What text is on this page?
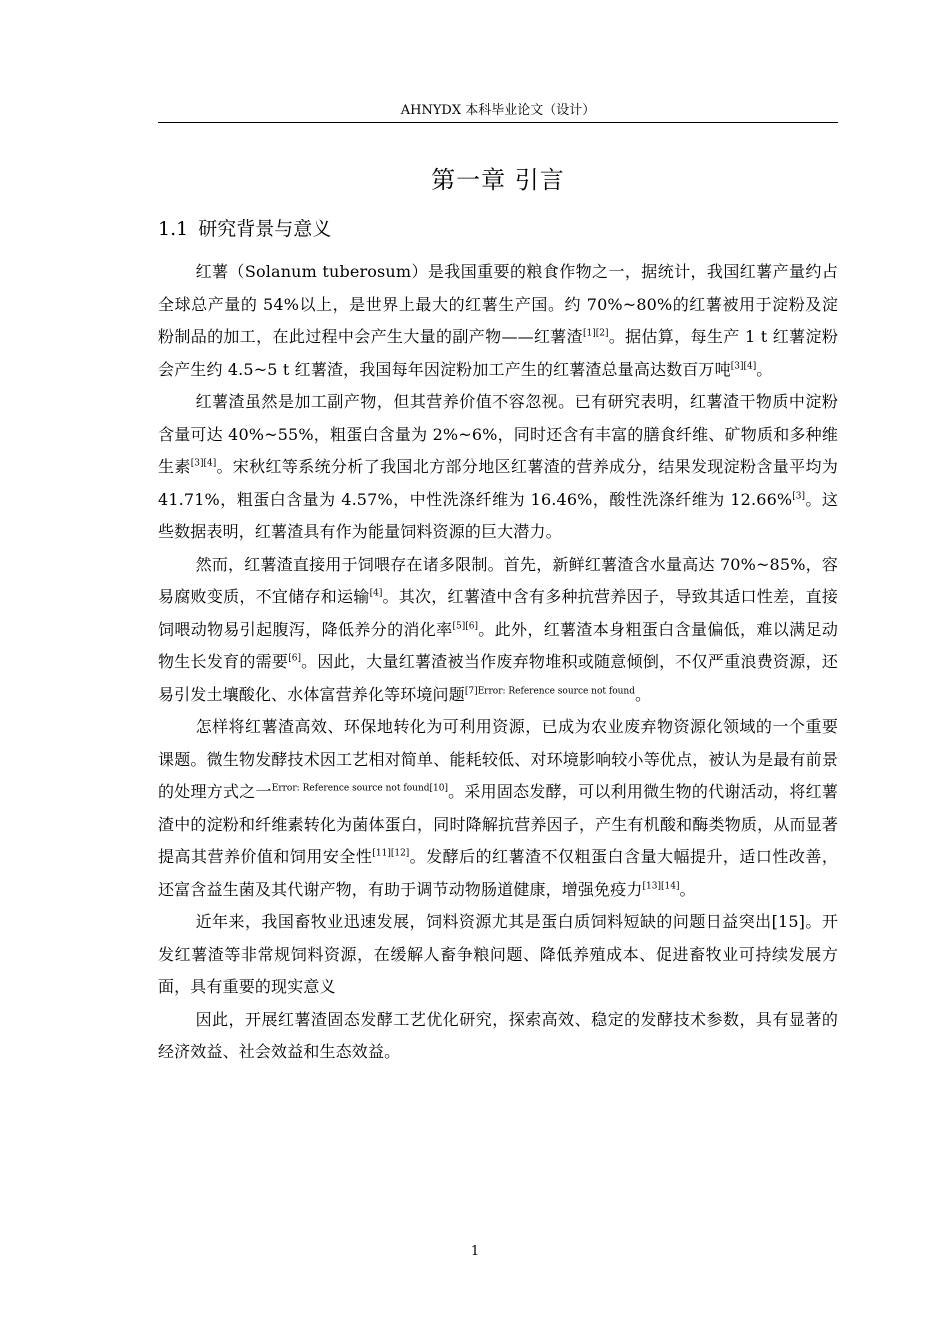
AHNYDX 本科毕业论文（设计）
第一章 引言
1.1 研究背景与意义

红薯（Solanum tuberosum）是我国重要的粮食作物之一，据统计，我国红薯产量约占全球总产量的 54%以上，是世界上最大的红薯生产国。约 70%~80%的红薯被用于淀粉及淀粉制品的加工，在此过程中会产生大量的副产物——红薯渣[1][2]。据估算，每生产 1 t 红薯淀粉会产生约 4.5~5 t 红薯渣，我国每年因淀粉加工产生的红薯渣总量高达数百万吨[3][4]。

红薯渣虽然是加工副产物，但其营养价值不容忽视。已有研究表明，红薯渣干物质中淀粉含量可达 40%~55%，粗蛋白含量为 2%~6%，同时还含有丰富的膳食纤维、矿物质和多种维生素[3][4]。宋秋红等系统分析了我国北方部分地区红薯渣的营养成分，结果发现淀粉含量平均为 41.71%，粗蛋白含量为 4.57%，中性洗涤纤维为 16.46%，酸性洗涤纤维为 12.66%[3]。这些数据表明，红薯渣具有作为能量饲料资源的巨大潜力。

然而，红薯渣直接用于饲喂存在诸多限制。首先，新鲜红薯渣含水量高达 70%~85%，容易腐败变质，不宜储存和运输[4]。其次，红薯渣中含有多种抗营养因子，导致其适口性差，直接饲喂动物易引起腹泻，降低养分的消化率[5][6]。此外，红薯渣本身粗蛋白含量偏低，难以满足动物生长发育的需要[6]。因此，大量红薯渣被当作废弃物堆积或随意倾倒，不仅严重浪费资源，还易引发土壤酸化、水体富营养化等环境问题$^{[7]Error: Reference source not found}$。

怎样将红薯渣高效、环保地转化为可利用资源，已成为农业废弃物资源化领域的一个重要课题。微生物发酵技术因工艺相对简单、能耗较低、对环境影响较小等优点，被认为是最有前景的处理方式之一$^{Error: Reference source not found[10]}$。采用固态发酵，可以利用微生物的代谢活动，将红薯渣中的淀粉和纤维素转化为菌体蛋白，同时降解抗营养因子，产生有机酸和酶类物质，从而显著提高其营养价值和饲用安全性[11][12]。发酵后的红薯渣不仅粗蛋白含量大幅提升，适口性改善，还富含益生菌及其代谢产物，有助于调节动物肠道健康，增强免疫力[13][14]。

近年来，我国畜牧业迅速发展，饲料资源尤其是蛋白质饲料短缺的问题日益突出[15]。开发红薯渣等非常规饲料资源，在缓解人畜争粮问题、降低养殖成本、促进畜牧业可持续发展方面，具有重要的现实意义

因此，开展红薯渣固态发酵工艺优化研究，探索高效、稳定的发酵技术参数，具有显著的经济效益、社会效益和生态效益。

1
